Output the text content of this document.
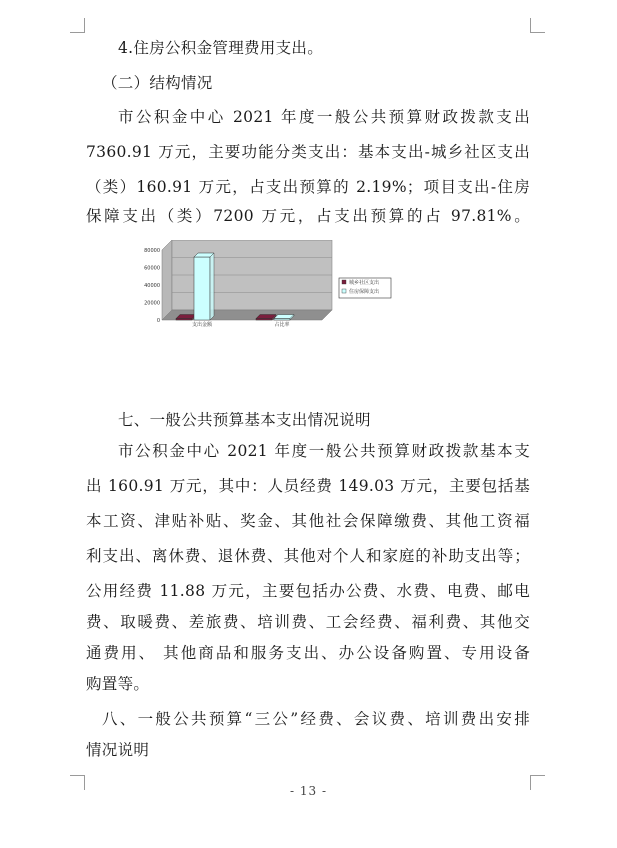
4.住房公积金管理费用支出。
（二）结构情况
市公积金中心 2021 年度一般公共预算财政拨款支出
7360.91 万元，主要功能分类支出：基本支出-城乡社区支出
（类）160.91 万元，占支出预算的 2.19%；项目支出-住房
保障支出（类）7200 万元，占支出预算的占 97.81%。
0
20000
40000
60000
80000
支出金额	占比率
城乡社区支出
住房保障支出
七、一般公共预算基本支出情况说明
市公积金中心 2021 年度一般公共预算财政拨款基本支
出 160.91 万元，其中：人员经费 149.03 万元，主要包括基
本工资、津贴补贴、奖金、其他社会保障缴费、其他工资福
利支出、离休费、退休费、其他对个人和家庭的补助支出等；
公用经费 11.88 万元，主要包括办公费、水费、电费、邮电
费、取暖费、差旅费、培训费、工会经费、福利费、其他交
通费用、 其他商品和服务支出、办公设备购置、专用设备
购置等。
八、一般公共预算“三公”经费、会议费、培训费出安排
情况说明
- 13 -
